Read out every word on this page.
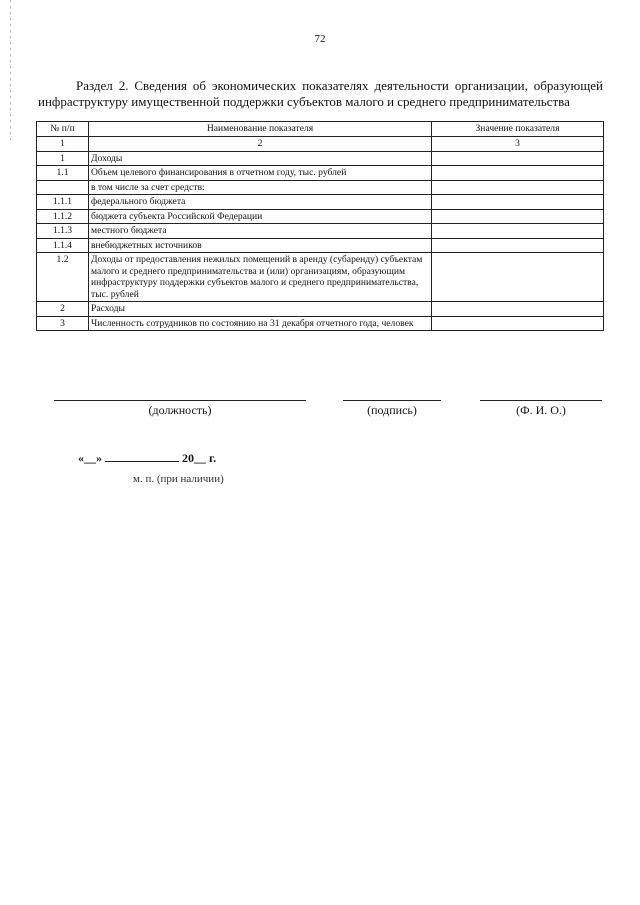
72
Раздел 2. Сведения об экономических показателях деятельности организации, образующей
инфраструктуру имущественной поддержки субъектов малого и среднего предпринимательства
№ п/п	Наименование показателя	Значение показателя
1	2	3
1	Доходы	
1.1	Объем целевого финансирования в отчетном году, тыс. рублей	
	в том числе за счет средств:	
1.1.1	федерального бюджета	
1.1.2	бюджета субъекта Российской Федерации	
1.1.3	местного бюджета	
1.1.4	внебюджетных источников	
1.2	Доходы от предоставления нежилых помещений в аренду (субаренду) субъектам малого и среднего предпринимательства и (или) организациям, образующим инфраструктуру поддержки субъектов малого и среднего предпринимательства, тыс. рублей	
2	Расходы	
3	Численность сотрудников по состоянию на 31 декабря отчетного года, человек	
(должность)	(подпись)	(Ф. И. О.)
«__»	20__ г.
м. п. (при наличии)
